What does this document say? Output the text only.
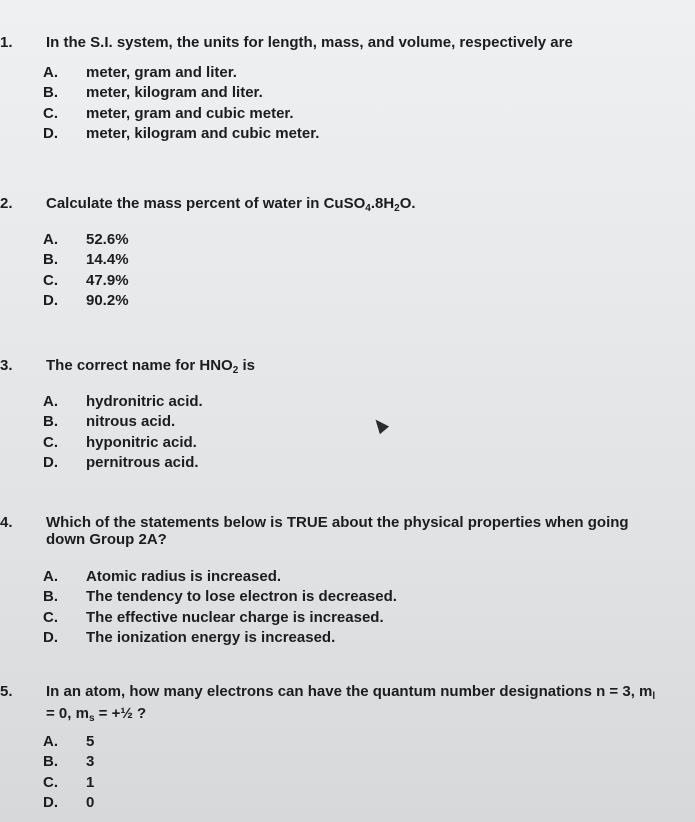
1. In the S.I. system, the units for length, mass, and volume, respectively are
A.	meter, gram and liter.
B.	meter, kilogram and liter.
C.	meter, gram and cubic meter.
D.	meter, kilogram and cubic meter.
2. Calculate the mass percent of water in $CuSO_4.8H_2O$.
A.	52.6%
B.	14.4%
C.	47.9%
D.	90.2%
3. The correct name for $HNO_2$ is
A.	hydronitric acid.
B.	nitrous acid.
C.	hyponitric acid.
D.	pernitrous acid.
4. Which of the statements below is TRUE about the physical properties when going
down Group 2A?
A.	Atomic radius is increased.
B.	The tendency to lose electron is decreased.
C.	The effective nuclear charge is increased.
D.	The ionization energy is increased.
5. In an atom, how many electrons can have the quantum number designations n = 3, $m_l$
= 0, $m_s$ = +½ ?
A.	5
B.	3
C.	1
D.	0
